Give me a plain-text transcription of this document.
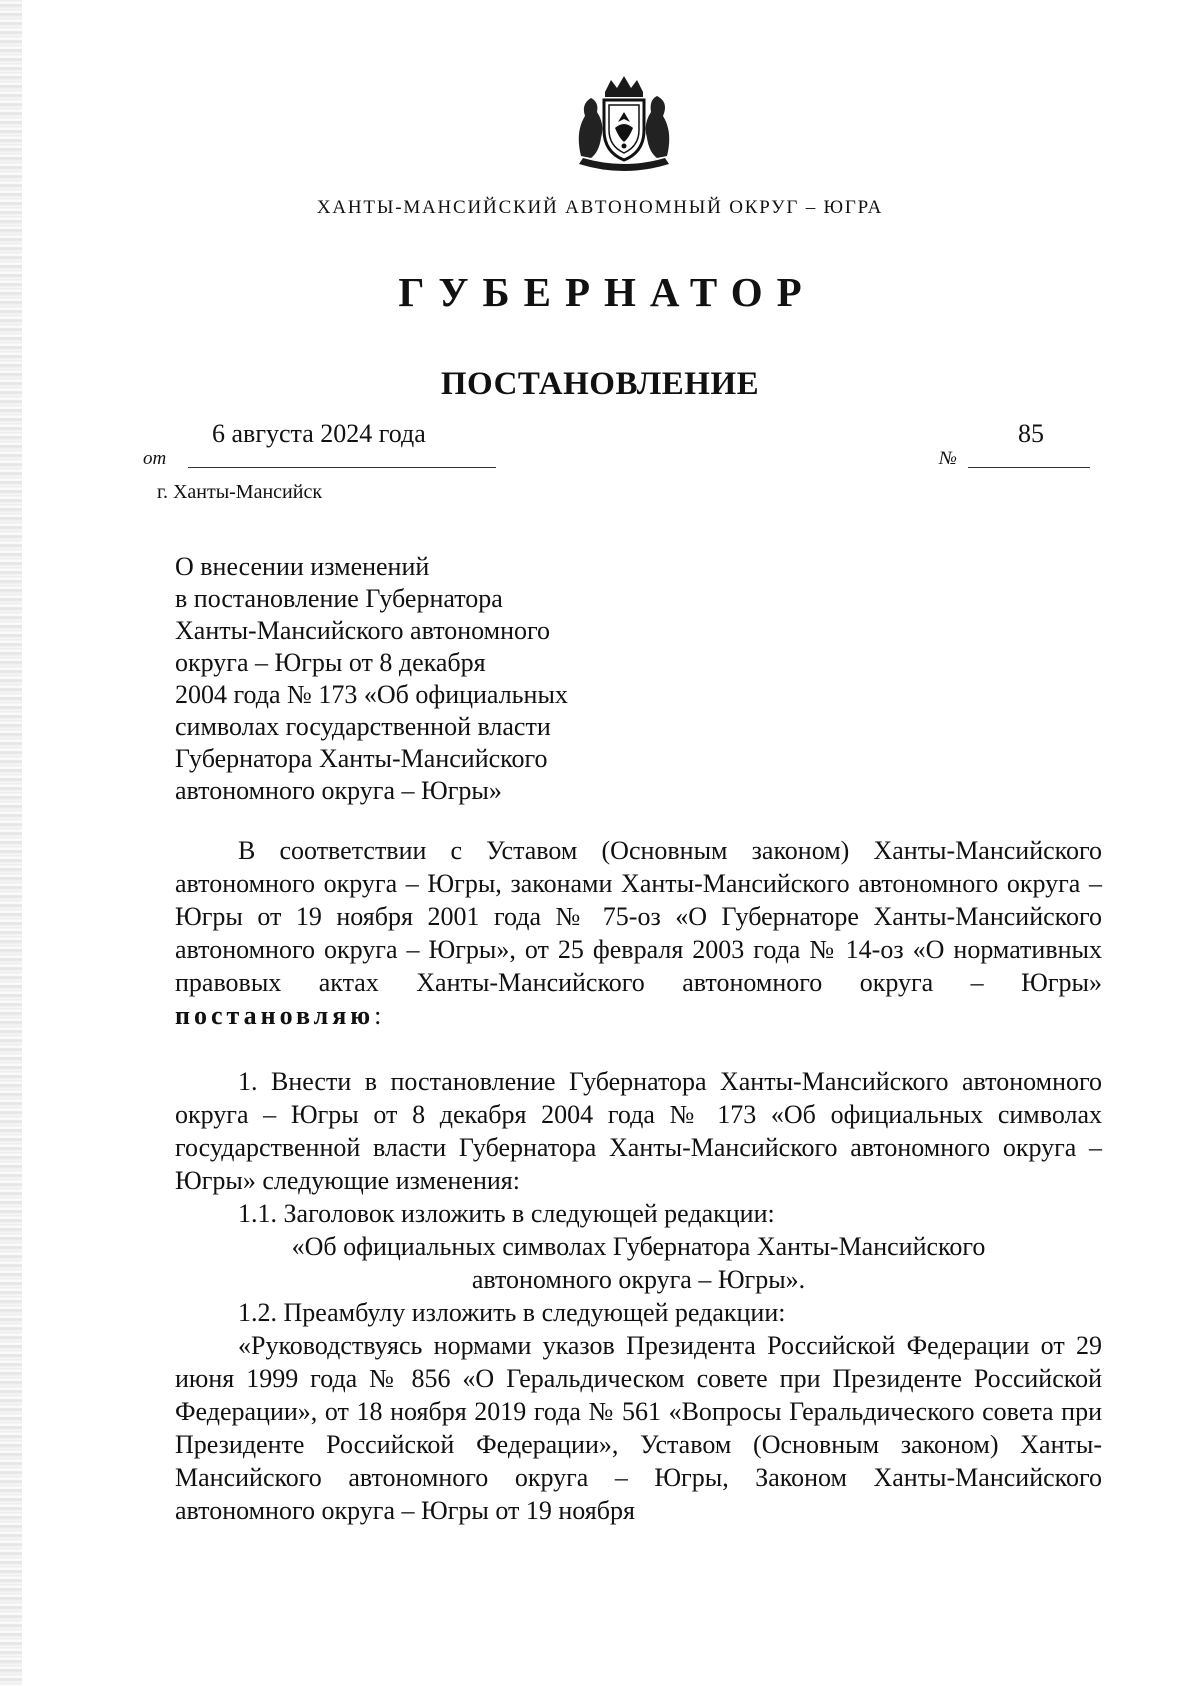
ХАНТЫ-МАНСИЙСКИЙ АВТОНОМНЫЙ ОКРУГ – ЮГРА
ГУБЕРНАТОР
ПОСТАНОВЛЕНИЕ
6 августа 2024 года
от
85
№
г. Ханты-Мансийск
О внесении изменений
в постановление Губернатора
Ханты-Мансийского автономного
округа – Югры от 8 декабря
2004 года № 173 «Об официальных
символах государственной власти
Губернатора Ханты-Мансийского
автономного округа – Югры»

В соответствии с Уставом (Основным законом) Ханты-Мансийского автономного округа – Югры, законами Ханты-Мансийского автономного округа – Югры от 19 ноября 2001 года № 75-оз «О Губернаторе Ханты-Мансийского автономного округа – Югры», от 25 февраля 2003 года № 14-оз «О нормативных правовых актах Ханты-Мансийского автономного округа – Югры» постановляю:

1. Внести в постановление Губернатора Ханты-Мансийского автономного округа – Югры от 8 декабря 2004 года № 173 «Об официальных символах государственной власти Губернатора Ханты-Мансийского автономного округа – Югры» следующие изменения:

1.1. Заголовок изложить в следующей редакции:

«Об официальных символах Губернатора Ханты-Мансийского

автономного округа – Югры».

1.2. Преамбулу изложить в следующей редакции:

«Руководствуясь нормами указов Президента Российской Федерации от 29 июня 1999 года № 856 «О Геральдическом совете при Президенте Российской Федерации», от 18 ноября 2019 года № 561 «Вопросы Геральдического совета при Президенте Российской Федерации», Уставом (Основным законом) Ханты-Мансийского автономного округа – Югры, Законом Ханты-Мансийского автономного округа – Югры от 19 ноября
